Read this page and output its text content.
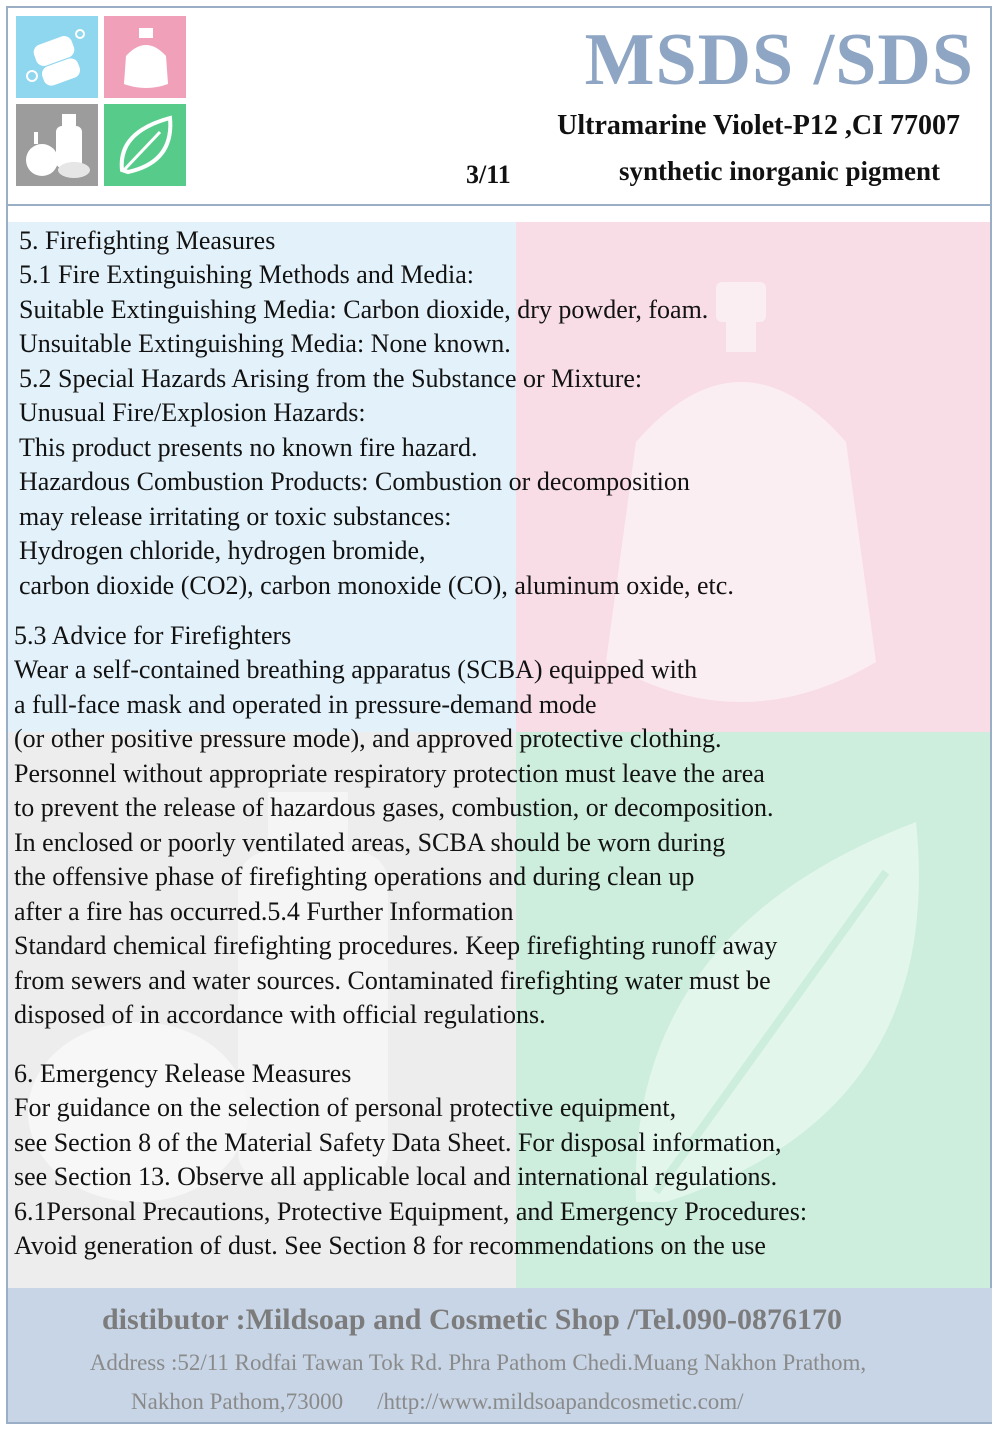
MSDS /SDS
Ultramarine Violet-P12 ,CI 77007
3/11	synthetic inorganic pigment
5. Firefighting Measures
5.1 Fire Extinguishing Methods and Media:
Suitable Extinguishing Media: Carbon dioxide, dry powder, foam.
Unsuitable Extinguishing Media: None known.
5.2 Special Hazards Arising from the Substance or Mixture:
Unusual Fire/Explosion Hazards:
This product presents no known fire hazard.
Hazardous Combustion Products: Combustion or decomposition
may release irritating or toxic substances:
Hydrogen chloride, hydrogen bromide,
carbon dioxide (CO2), carbon monoxide (CO), aluminum oxide, etc.
5.3 Advice for Firefighters
Wear a self-contained breathing apparatus (SCBA) equipped with
a full-face mask and operated in pressure-demand mode
(or other positive pressure mode), and approved protective clothing.
Personnel without appropriate respiratory protection must leave the area
to prevent the release of hazardous gases, combustion, or decomposition.
In enclosed or poorly ventilated areas, SCBA should be worn during
the offensive phase of firefighting operations and during clean up
after a fire has occurred.5.4 Further Information
Standard chemical firefighting procedures. Keep firefighting runoff away
from sewers and water sources. Contaminated firefighting water must be
disposed of in accordance with official regulations.
6. Emergency Release Measures
For guidance on the selection of personal protective equipment,
see Section 8 of the Material Safety Data Sheet. For disposal information,
see Section 13. Observe all applicable local and international regulations.
6.1Personal Precautions, Protective Equipment, and Emergency Procedures:
Avoid generation of dust. See Section 8 for recommendations on the use
distibutor :Mildsoap and Cosmetic Shop /Tel.090-0876170
Address :52/11 Rodfai Tawan Tok Rd. Phra Pathom Chedi.Muang Nakhon Prathom,
Nakhon Pathom,73000 /http://www.mildsoapandcosmetic.com/
